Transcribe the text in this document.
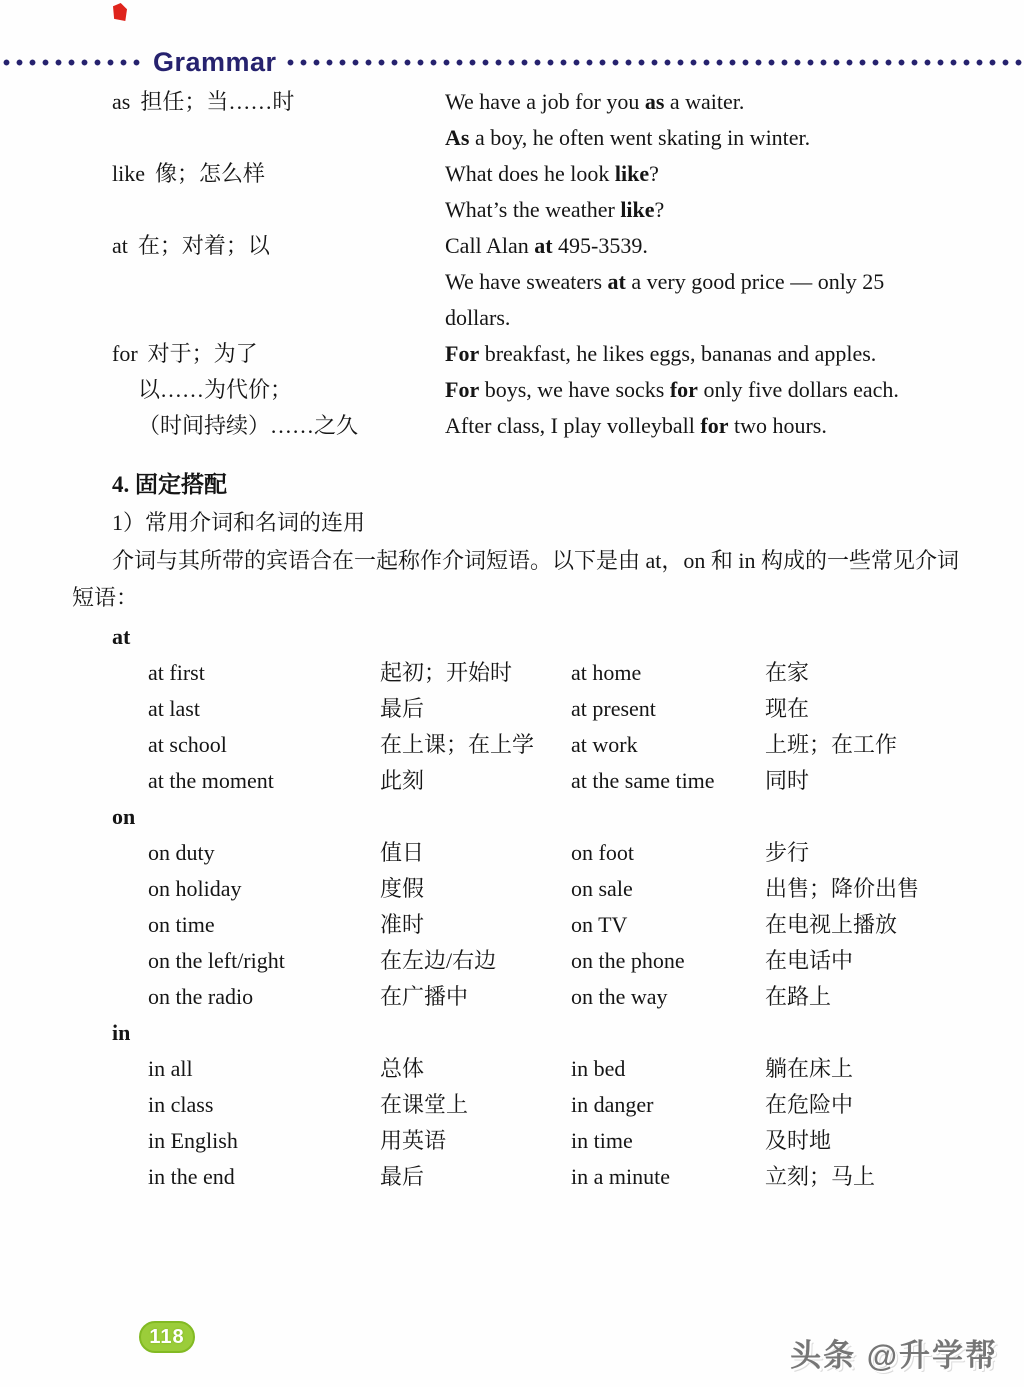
Grammar
as 担任；当……时	We have a job for you as a waiter.
As a boy, he often went skating in winter.
like 像；怎么样	What does he look like?
What’s the weather like?
at 在；对着；以	Call Alan at 495-3539.
We have sweaters at a very good price — only 25
dollars.
for 对于；为了	For breakfast, he likes eggs, bananas and apples.
以……为代价；	For boys, we have socks for only five dollars each.
（时间持续）……之久	After class, I play volleyball for two hours.
4. 固定搭配
1）常用介词和名词的连用

介词与其所带的宾语合在一起称作介词短语。以下是由 at，on 和 in 构成的一些常见介词短语：

at
at first	起初；开始时	at home	在家
at last	最后	at present	现在
at school	在上课；在上学	at work	上班；在工作
at the moment	此刻	at the same time	同时
on
on duty	值日	on foot	步行
on holiday	度假	on sale	出售；降价出售
on time	准时	on TV	在电视上播放
on the left/right	在左边/右边	on the phone	在电话中
on the radio	在广播中	on the way	在路上
in
in all	总体	in bed	躺在床上
in class	在课堂上	in danger	在危险中
in English	用英语	in time	及时地
in the end	最后	in a minute	立刻；马上
118
头条 @升学帮
